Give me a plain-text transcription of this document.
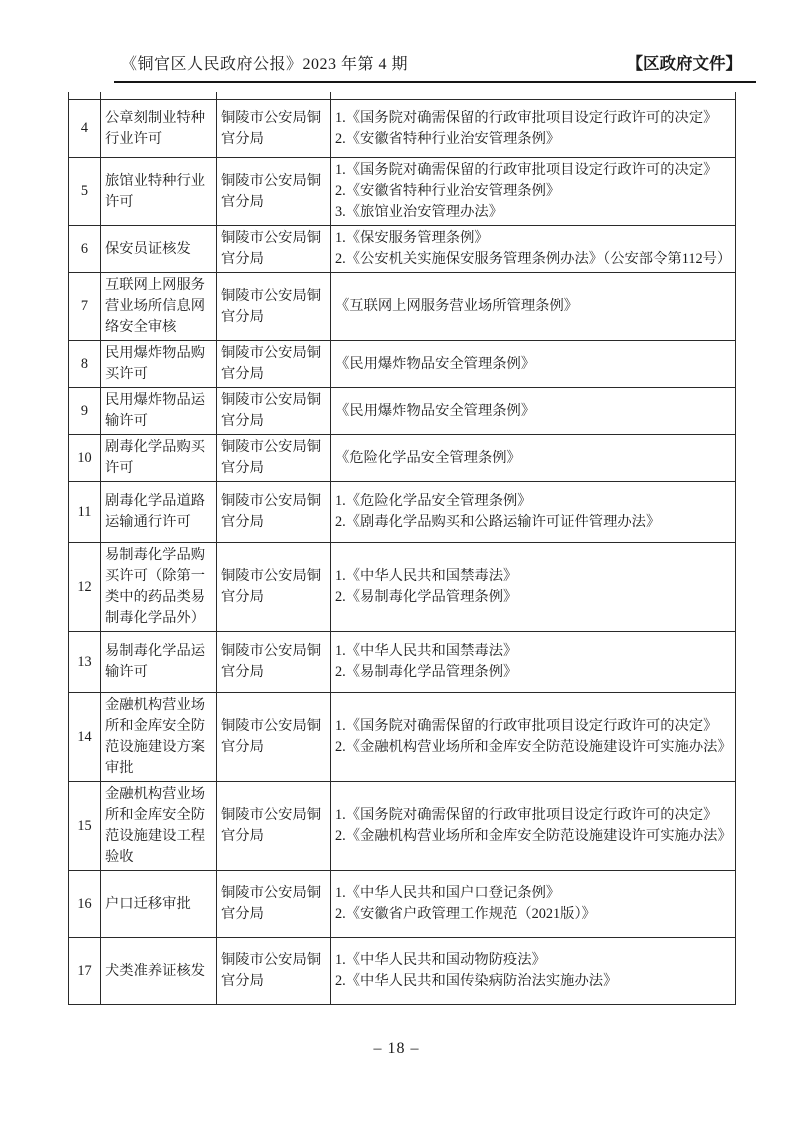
《铜官区人民政府公报》2023 年第 4 期	【区政府文件】

4	公章刻制业特种行业许可	铜陵市公安局铜官分局	1.《国务院对确需保留的行政审批项目设定行政许可的决定》
2.《安徽省特种行业治安管理条例》

5	旅馆业特种行业许可	铜陵市公安局铜官分局	1.《国务院对确需保留的行政审批项目设定行政许可的决定》
2.《安徽省特种行业治安管理条例》
3.《旅馆业治安管理办法》

6	保安员证核发	铜陵市公安局铜官分局	1.《保安服务管理条例》
2.《公安机关实施保安服务管理条例办法》（公安部令第112号）

7	互联网上网服务营业场所信息网络安全审核	铜陵市公安局铜官分局	《互联网上网服务营业场所管理条例》

8	民用爆炸物品购买许可	铜陵市公安局铜官分局	《民用爆炸物品安全管理条例》

9	民用爆炸物品运输许可	铜陵市公安局铜官分局	《民用爆炸物品安全管理条例》

10	剧毒化学品购买许可	铜陵市公安局铜官分局	《危险化学品安全管理条例》

11	剧毒化学品道路运输通行许可	铜陵市公安局铜官分局	1.《危险化学品安全管理条例》
2.《剧毒化学品购买和公路运输许可证件管理办法》

12	易制毒化学品购买许可（除第一类中的药品类易制毒化学品外）	铜陵市公安局铜官分局	1.《中华人民共和国禁毒法》
2.《易制毒化学品管理条例》

13	易制毒化学品运输许可	铜陵市公安局铜官分局	1.《中华人民共和国禁毒法》
2.《易制毒化学品管理条例》

14	金融机构营业场所和金库安全防范设施建设方案审批	铜陵市公安局铜官分局	1.《国务院对确需保留的行政审批项目设定行政许可的决定》
2.《金融机构营业场所和金库安全防范设施建设许可实施办法》

15	金融机构营业场所和金库安全防范设施建设工程验收	铜陵市公安局铜官分局	1.《国务院对确需保留的行政审批项目设定行政许可的决定》
2.《金融机构营业场所和金库安全防范设施建设许可实施办法》

16	户口迁移审批	铜陵市公安局铜官分局	1.《中华人民共和国户口登记条例》
2.《安徽省户政管理工作规范（2021版）》

17	犬类准养证核发	铜陵市公安局铜官分局	1.《中华人民共和国动物防疫法》
2.《中华人民共和国传染病防治法实施办法》
– 18 –
